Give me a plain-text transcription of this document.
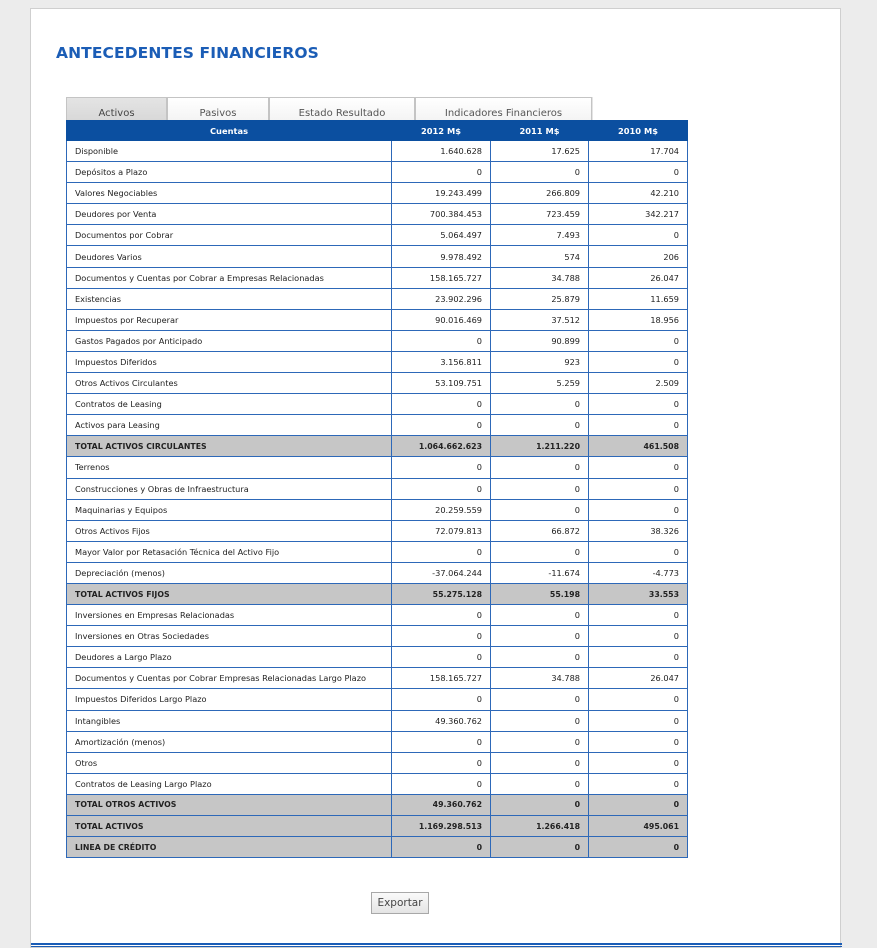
ANTECEDENTES FINANCIEROS
Activos	Pasivos	Estado Resultado	Indicadores Financieros
Cuentas	2012 M$	2011 M$	2010 M$
Disponible	1.640.628	17.625	17.704
Depósitos a Plazo	0	0	0
Valores Negociables	19.243.499	266.809	42.210
Deudores por Venta	700.384.453	723.459	342.217
Documentos por Cobrar	5.064.497	7.493	0
Deudores Varios	9.978.492	574	206
Documentos y Cuentas por Cobrar a Empresas Relacionadas	158.165.727	34.788	26.047
Existencias	23.902.296	25.879	11.659
Impuestos por Recuperar	90.016.469	37.512	18.956
Gastos Pagados por Anticipado	0	90.899	0
Impuestos Diferidos	3.156.811	923	0
Otros Activos Circulantes	53.109.751	5.259	2.509
Contratos de Leasing	0	0	0
Activos para Leasing	0	0	0
TOTAL ACTIVOS CIRCULANTES	1.064.662.623	1.211.220	461.508
Terrenos	0	0	0
Construcciones y Obras de Infraestructura	0	0	0
Maquinarias y Equipos	20.259.559	0	0
Otros Activos Fijos	72.079.813	66.872	38.326
Mayor Valor por Retasación Técnica del Activo Fijo	0	0	0
Depreciación (menos)	-37.064.244	-11.674	-4.773
TOTAL ACTIVOS FIJOS	55.275.128	55.198	33.553
Inversiones en Empresas Relacionadas	0	0	0
Inversiones en Otras Sociedades	0	0	0
Deudores a Largo Plazo	0	0	0
Documentos y Cuentas por Cobrar Empresas Relacionadas Largo Plazo	158.165.727	34.788	26.047
Impuestos Diferidos Largo Plazo	0	0	0
Intangibles	49.360.762	0	0
Amortización (menos)	0	0	0
Otros	0	0	0
Contratos de Leasing Largo Plazo	0	0	0
TOTAL OTROS ACTIVOS	49.360.762	0	0
TOTAL ACTIVOS	1.169.298.513	1.266.418	495.061
LINEA DE CRÉDITO	0	0	0
Exportar
